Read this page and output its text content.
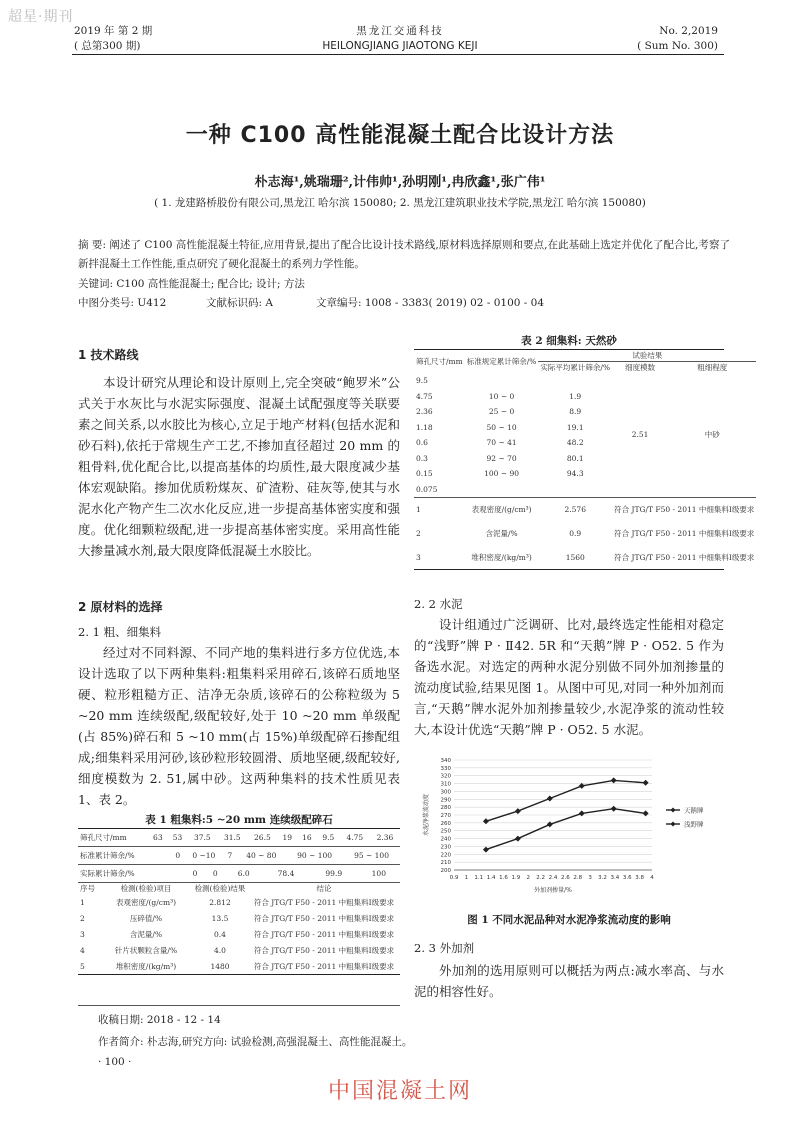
超星·期刊
2019 年 第 2 期
( 总第300 期)
黑龙江交通科技
HEILONGJIANG JIAOTONG KEJI
No. 2,2019
( Sum No. 300)
一种 C100 高性能混凝土配合比设计方法
朴志海¹,姚瑞珊²,计伟帅¹,孙明刚¹,冉欣鑫¹,张广伟¹
( 1. 龙建路桥股份有限公司,黑龙江 哈尔滨 150080; 2. 黑龙江建筑职业技术学院,黑龙江 哈尔滨 150080)
摘 要: 阐述了 C100 高性能混凝土特征,应用背景,提出了配合比设计技术路线,原材料选择原则和要点,在此基础上选定并优化了配合比,考察了新拌混凝土工作性能,重点研究了硬化混凝土的系列力学性能。
关键词: C100 高性能混凝土; 配合比; 设计; 方法
中图分类号: U412	文献标识码: A	文章编号: 1008 - 3383( 2019) 02 - 0100 - 04
1 技术路线

本设计研究从理论和设计原则上,完全突破“鲍罗米”公式关于水灰比与水泥实际强度、混凝土试配强度等关联要素之间关系,以水胶比为核心,立足于地产材料(包括水泥和砂石料),依托于常规生产工艺,不掺加直径超过 20 mm 的粗骨料,优化配合比,以提高基体的均质性,最大限度减少基体宏观缺陷。掺加优质粉煤灰、矿渣粉、硅灰等,使其与水泥水化产物产生二次水化反应,进一步提高基体密实度和强度。优化细颗粒级配,进一步提高基体密实度。采用高性能大掺量减水剂,最大限度降低混凝土水胶比。

2 原材料的选择
2. 1 粗、细集料

经过对不同料源、不同产地的集料进行多方位优选,本设计选取了以下两种集料:粗集料采用碎石,该碎石质地坚硬、粒形粗糙方正、洁净无杂质,该碎石的公称粒级为 5 ~20 mm 连续级配,级配较好,处于 10 ~20 mm 单级配(占 85%)碎石和 5 ~10 mm(占 15%)单级配碎石掺配组成;细集料采用河砂,该砂粒形较圆滑、质地坚硬,级配较好,细度模数为 2. 51,属中砂。这两种集料的技术性质见表 1、表 2。

表 1 粗集料:5 ~20 mm 连续级配碎石
筛孔尺寸/mm	63	53	37.5	31.5	26.5	19	16	9.5	4.75	2.36
标准累计筛余/%					0	0 ~10	7	40 ~ 80	90 ~ 100	95 ~ 100
实际累计筛余/%					0	0	6.0	78.4	99.9	100
序号	检测(检验)项目	检测(检验)结果	结论
1	表观密度/(g/cm³)	2.812	符合 JTG/T F50 - 2011 中粗集料Ⅰ级要求
2	压碎值/%	13.5	符合 JTG/T F50 - 2011 中粗集料Ⅰ级要求
3	含泥量/%	0.4	符合 JTG/T F50 - 2011 中粗集料Ⅰ级要求
4	针片状颗粒含量/%	4.0	符合 JTG/T F50 - 2011 中粗集料Ⅰ级要求
5	堆积密度/(kg/m³)	1480	符合 JTG/T F50 - 2011 中粗集料Ⅰ级要求
收稿日期: 2018 - 12 - 14
作者简介: 朴志海,研究方向: 试验检测,高强混凝土、高性能混凝土。
· 100 ·
表 2 细集料: 天然砂
筛孔尺寸/mm	标准规定累计筛余/%	试验结果		
		实际平均累计筛余/%	细度模数	粗细程度
9.5			2.51	中砂
4.75	10 ~ 0	1.9		
2.36	25 ~ 0	8.9		
1.18	50 ~ 10	19.1		
0.6	70 ~ 41	48.2		
0.3	92 ~ 70	80.1		
0.15	100 ~ 90	94.3		
0.075				
1	表观密度/(g/cm³)	2.576	符合 JTG/T F50 - 2011 中细集料Ⅰ级要求	
2	含泥量/%	0.9	符合 JTG/T F50 - 2011 中细集料Ⅰ级要求	
3	堆积密度/(kg/m³)	1560	符合 JTG/T F50 - 2011 中细集料Ⅰ级要求	
2. 2 水泥

设计组通过广泛调研、比对,最终选定性能相对稳定的“浅野”牌 P · Ⅱ42. 5R 和“天鹅”牌 P · O52. 5 作为备选水泥。对选定的两种水泥分别做不同外加剂掺量的流动度试验,结果见图 1。从图中可见,对同一种外加剂而言,“天鹅”牌水泥外加剂掺量较少,水泥净浆的流动性较大,本设计优选“天鹅”牌 P · O52. 5 水泥。

200
210
220
230
240
250
260
270
280
290
300
310
320
330
340
0.9 1 1.1 1.4 1.6 1.9 2 2.2 2.4 2.6 2.8 3 3.2 3.4 3.6 3.8 4
外加剂掺量/%
水泥净浆流动度	天鹅牌
浅野牌
图 1 不同水泥品种对水泥净浆流动度的影响
2. 3 外加剂

外加剂的选用原则可以概括为两点:减水率高、与水泥的相容性好。

中国混凝土网
